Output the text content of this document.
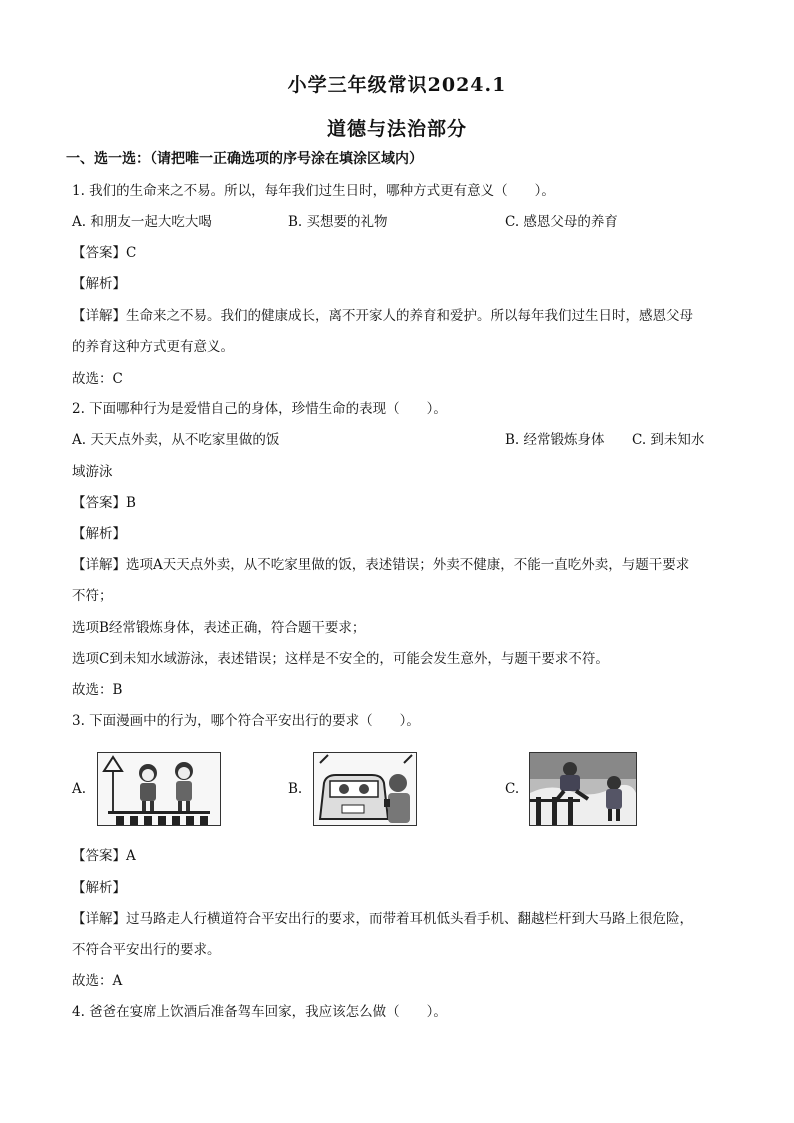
小学三年级常识2024.1
道德与法治部分
一、选一选：（请把唯一正确选项的序号涂在填涂区域内）
1. 我们的生命来之不易。所以，每年我们过生日时，哪种方式更有意义（　　）。
A. 和朋友一起大吃大喝	B. 买想要的礼物	C. 感恩父母的养育
【答案】C
【解析】
【详解】生命来之不易。我们的健康成长，离不开家人的养育和爱护。所以每年我们过生日时，感恩父母
的养育这种方式更有意义。
故选：C
2. 下面哪种行为是爱惜自己的身体，珍惜生命的表现（　　）。
A. 天天点外卖，从不吃家里做的饭	B. 经常锻炼身体 C. 到未知水
域游泳
【答案】B
【解析】
【详解】选项A天天点外卖，从不吃家里做的饭，表述错误；外卖不健康，不能一直吃外卖，与题干要求
不符；
选项B经常锻炼身体，表述正确，符合题干要求；
选项C到未知水域游泳，表述错误；这样是不安全的，可能会发生意外，与题干要求不符。
故选：B
3. 下面漫画中的行为，哪个符合平安出行的要求（　　）。
A.	B.	C.
【答案】A
【解析】
【详解】过马路走人行横道符合平安出行的要求，而带着耳机低头看手机、翻越栏杆到大马路上很危险，
不符合平安出行的要求。
故选：A
4. 爸爸在宴席上饮酒后准备驾车回家，我应该怎么做（　　）。
